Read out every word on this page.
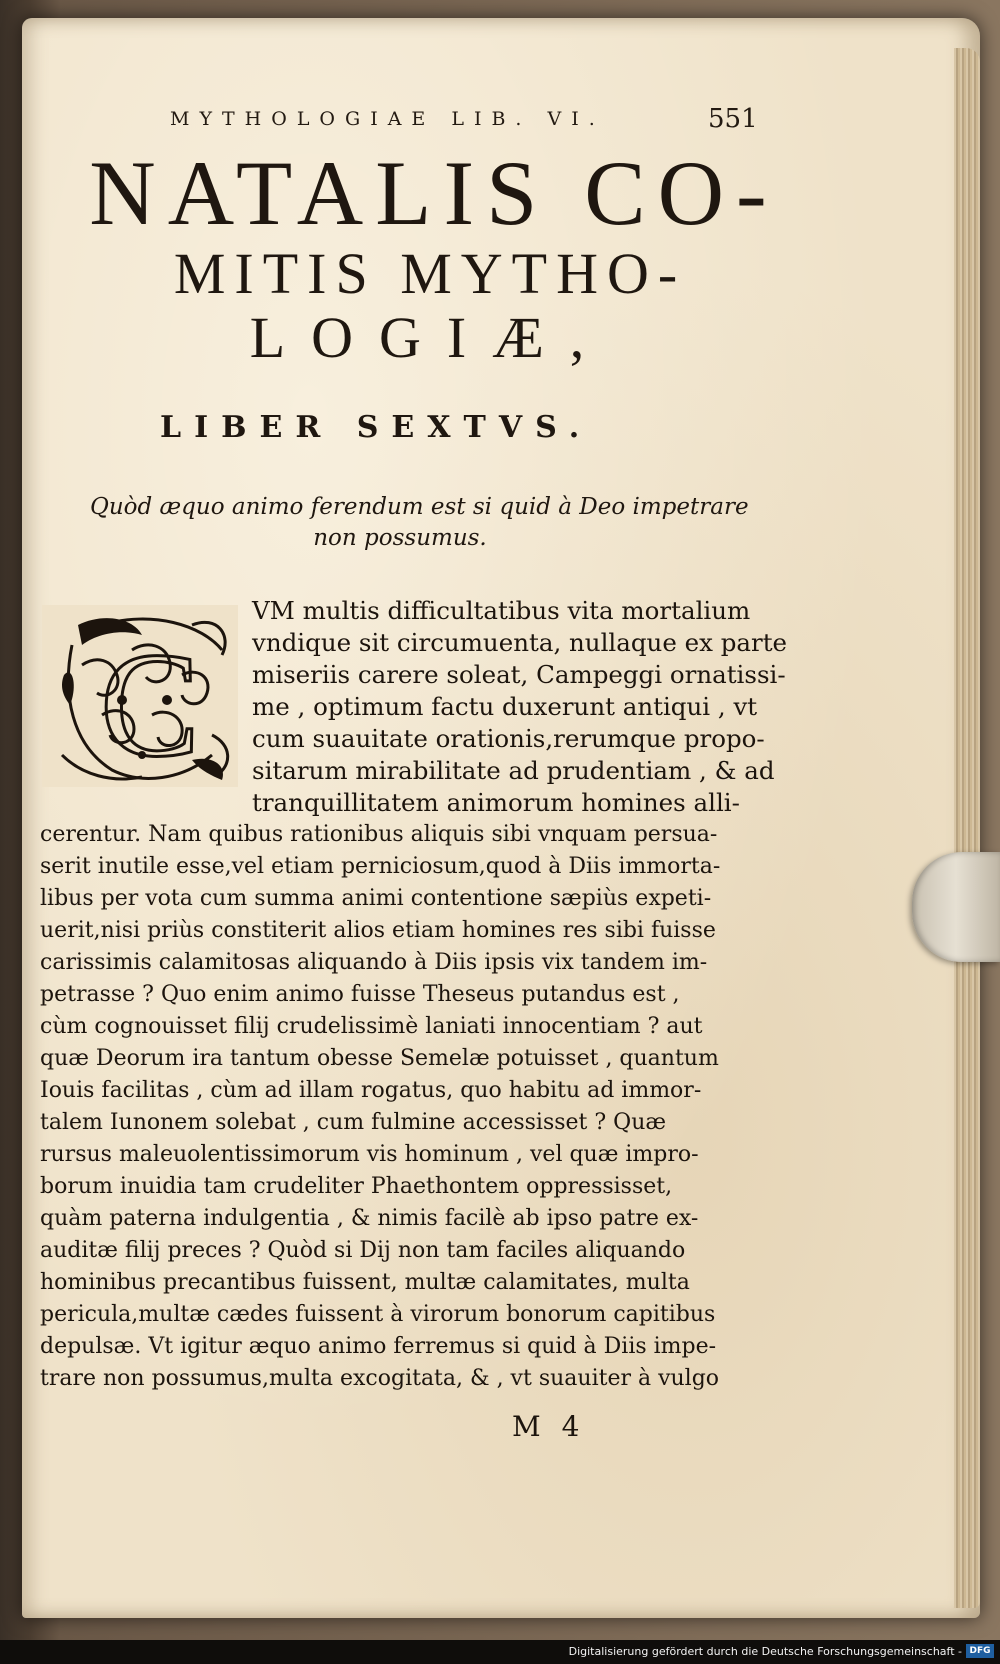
MYTHOLOGIAE LIB. VI.	551
NATALIS CO-
MITIS MYTHO-
LOGIÆ,
LIBER SEXTVS.
Quòd æquo animo ferendum est si quid à Deo impetrare
non possumus.
C
VM multis difficultatibus vita mortalium
vndique sit circumuenta, nullaque ex parte
miseriis carere soleat, Campeggi ornatissi-
me , optimum factu duxerunt antiqui , vt
cum suauitate orationis,rerumque propo-
sitarum mirabilitate ad prudentiam , & ad
tranquillitatem animorum homines alli-
cerentur. Nam quibus rationibus aliquis sibi vnquam persua-
serit inutile esse,vel etiam perniciosum,quod à Diis immorta-
libus per vota cum summa animi contentione sæpiùs expeti-
uerit,nisi priùs constiterit alios etiam homines res sibi fuisse
carissimis calamitosas aliquando à Diis ipsis vix tandem im-
petrasse ? Quo enim animo fuisse Theseus putandus est ,
cùm cognouisset filij crudelissimè laniati innocentiam ? aut
quæ Deorum ira tantum obesse Semelæ potuisset , quantum
Iouis facilitas , cùm ad illam rogatus, quo habitu ad immor-
talem Iunonem solebat , cum fulmine accessisset ? Quæ
rursus maleuolentissimorum vis hominum , vel quæ impro-
borum inuidia tam crudeliter Phaethontem oppressisset,
quàm paterna indulgentia , & nimis facilè ab ipso patre ex-
auditæ filij preces ? Quòd si Dij non tam faciles aliquando
hominibus precantibus fuissent, multæ calamitates, multa
pericula,multæ cædes fuissent à virorum bonorum capitibus
depulsæ. Vt igitur æquo animo ferremus si quid à Diis impe-
trare non possumus,multa excogitata, & , vt suauiter à vulgo
M 4
Digitalisierung gefördert durch die Deutsche Forschungsgemeinschaft - DFG
